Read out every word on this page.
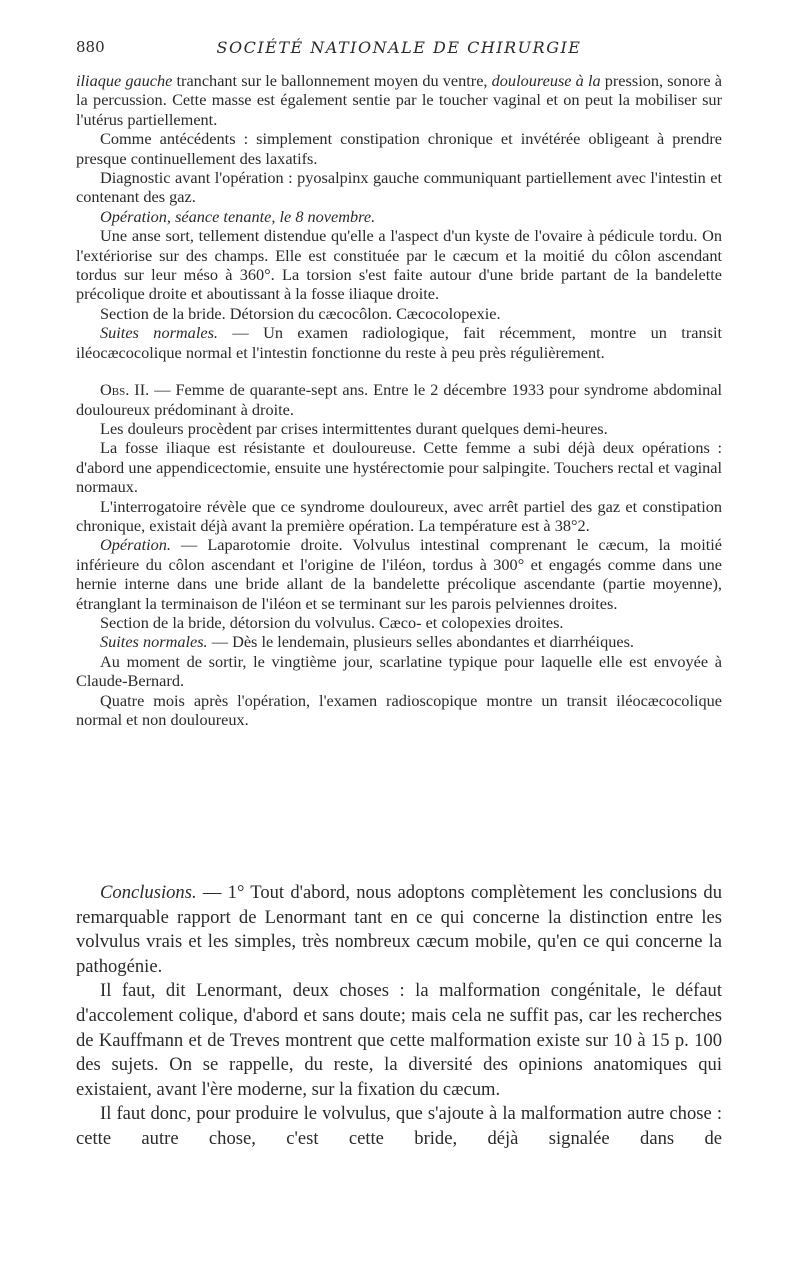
880	SOCIÉTÉ NATIONALE DE CHIRURGIE

iliaque gauche tranchant sur le ballonnement moyen du ventre, douloureuse à la pression, sonore à la percussion. Cette masse est également sentie par le toucher vaginal et on peut la mobiliser sur l'utérus partiellement.

Comme antécédents : simplement constipation chronique et invétérée obligeant à prendre presque continuellement des laxatifs.

Diagnostic avant l'opération : pyosalpinx gauche communiquant partiellement avec l'intestin et contenant des gaz.

Opération, séance tenante, le 8 novembre.

Une anse sort, tellement distendue qu'elle a l'aspect d'un kyste de l'ovaire à pédicule tordu. On l'extériorise sur des champs. Elle est constituée par le cæcum et la moitié du côlon ascendant tordus sur leur méso à 360°. La torsion s'est faite autour d'une bride partant de la bandelette précolique droite et aboutissant à la fosse iliaque droite.

Section de la bride. Détorsion du cæcocôlon. Cæcocolopexie.

Suites normales. — Un examen radiologique, fait récemment, montre un transit iléocæcocolique normal et l'intestin fonctionne du reste à peu près régulièrement.

Obs. II. — Femme de quarante-sept ans. Entre le 2 décembre 1933 pour syndrome abdominal douloureux prédominant à droite.

Les douleurs procèdent par crises intermittentes durant quelques demi-heures.

La fosse iliaque est résistante et douloureuse. Cette femme a subi déjà deux opérations : d'abord une appendicectomie, ensuite une hystérectomie pour salpingite. Touchers rectal et vaginal normaux.

L'interrogatoire révèle que ce syndrome douloureux, avec arrêt partiel des gaz et constipation chronique, existait déjà avant la première opération. La température est à 38°2.

Opération. — Laparotomie droite. Volvulus intestinal comprenant le cæcum, la moitié inférieure du côlon ascendant et l'origine de l'iléon, tordus à 300° et engagés comme dans une hernie interne dans une bride allant de la bandelette précolique ascendante (partie moyenne), étranglant la terminaison de l'iléon et se terminant sur les parois pelviennes droites.

Section de la bride, détorsion du volvulus. Cæco- et colopexies droites.

Suites normales. — Dès le lendemain, plusieurs selles abondantes et diarrhéiques.

Au moment de sortir, le vingtième jour, scarlatine typique pour laquelle elle est envoyée à Claude-Bernard.

Quatre mois après l'opération, l'examen radioscopique montre un transit iléocæcocolique normal et non douloureux.

Conclusions. — 1° Tout d'abord, nous adoptons complètement les conclusions du remarquable rapport de Lenormant tant en ce qui concerne la distinction entre les volvulus vrais et les simples, très nombreux cæcum mobile, qu'en ce qui concerne la pathogénie.

Il faut, dit Lenormant, deux choses : la malformation congénitale, le défaut d'accolement colique, d'abord et sans doute; mais cela ne suffit pas, car les recherches de Kauffmann et de Treves montrent que cette malformation existe sur 10 à 15 p. 100 des sujets. On se rappelle, du reste, la diversité des opinions anatomiques qui existaient, avant l'ère moderne, sur la fixation du cæcum.

Il faut donc, pour produire le volvulus, que s'ajoute à la malformation autre chose : cette autre chose, c'est cette bride, déjà signalée dans de
